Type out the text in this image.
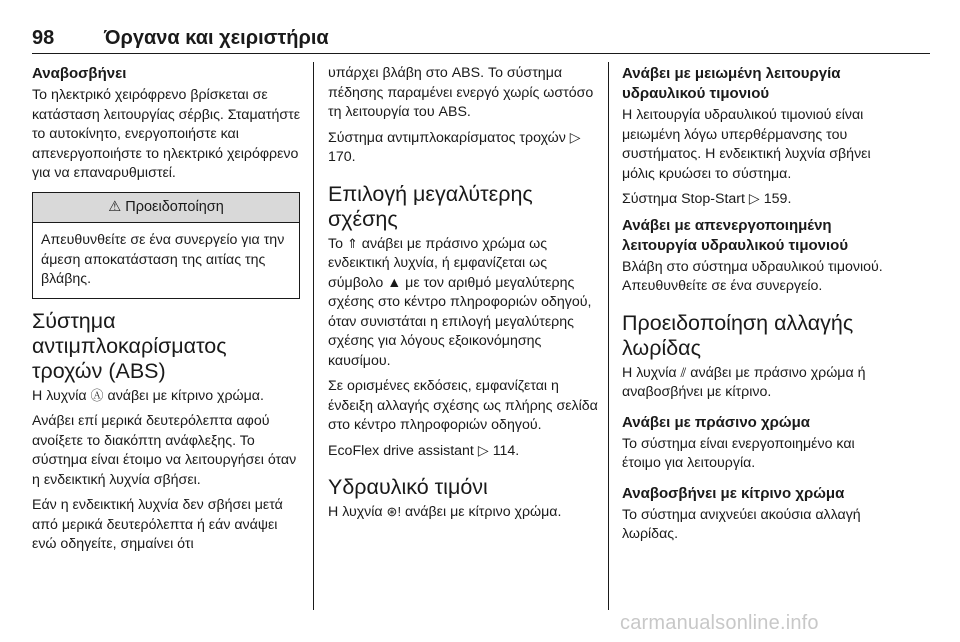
98 Όργανα και χειριστήρια
Αναβοσβήνει

Το ηλεκτρικό χειρόφρενο βρίσκεται σε κατάσταση λειτουργίας σέρβις. Σταματήστε το αυτοκίνητο, ενεργοποιήστε και απενεργοποιήστε το ηλεκτρικό χειρόφρενο για να επαναρυθμιστεί.

⚠ Προειδοποίηση
Απευθυνθείτε σε ένα συνεργείο για την άμεση αποκατάσταση της αιτίας της βλάβης.
Σύστημα αντιμπλοκαρίσματος τροχών (ABS)

Η λυχνία Ⓐ ανάβει με κίτρινο χρώμα.

Ανάβει επί μερικά δευτερόλεπτα αφού ανοίξετε το διακόπτη ανάφλεξης. Το σύστημα είναι έτοιμο να λειτουργήσει όταν η ενδεικτική λυχνία σβήσει.

Εάν η ενδεικτική λυχνία δεν σβήσει μετά από μερικά δευτερόλεπτα ή εάν ανάψει ενώ οδηγείτε, σημαίνει ότι

υπάρχει βλάβη στο ABS. Το σύστημα πέδησης παραμένει ενεργό χωρίς ωστόσο τη λειτουργία του ABS.

Σύστημα αντιμπλοκαρίσματος τροχών ▷ 170.

Επιλογή μεγαλύτερης σχέσης

Το ⇑ ανάβει με πράσινο χρώμα ως ενδεικτική λυχνία, ή εμφανίζεται ως σύμβολο ▲ με τον αριθμό μεγαλύτερης σχέσης στο κέντρο πληροφοριών οδηγού, όταν συνιστάται η επιλογή μεγαλύτερης σχέσης για λόγους εξοικονόμησης καυσίμου.

Σε ορισμένες εκδόσεις, εμφανίζεται η ένδειξη αλλαγής σχέσης ως πλήρης σελίδα στο κέντρο πληροφοριών οδηγού.

EcoFlex drive assistant ▷ 114.

Υδραυλικό τιμόνι

Η λυχνία ⊛! ανάβει με κίτρινο χρώμα.

Ανάβει με μειωμένη λειτουργία υδραυλικού τιμονιού

Η λειτουργία υδραυλικού τιμονιού είναι μειωμένη λόγω υπερθέρμανσης του συστήματος. Η ενδεικτική λυχνία σβήνει μόλις κρυώσει το σύστημα.

Σύστημα Stop-Start ▷ 159.

Ανάβει με απενεργοποιημένη λειτουργία υδραυλικού τιμονιού

Βλάβη στο σύστημα υδραυλικού τιμονιού. Απευθυνθείτε σε ένα συνεργείο.

Προειδοποίηση αλλαγής λωρίδας

Η λυχνία ⫽ ανάβει με πράσινο χρώμα ή αναβοσβήνει με κίτρινο.

Ανάβει με πράσινο χρώμα

Το σύστημα είναι ενεργοποιημένο και έτοιμο για λειτουργία.

Αναβοσβήνει με κίτρινο χρώμα

Το σύστημα ανιχνεύει ακούσια αλλαγή λωρίδας.

carmanualsonline.info
